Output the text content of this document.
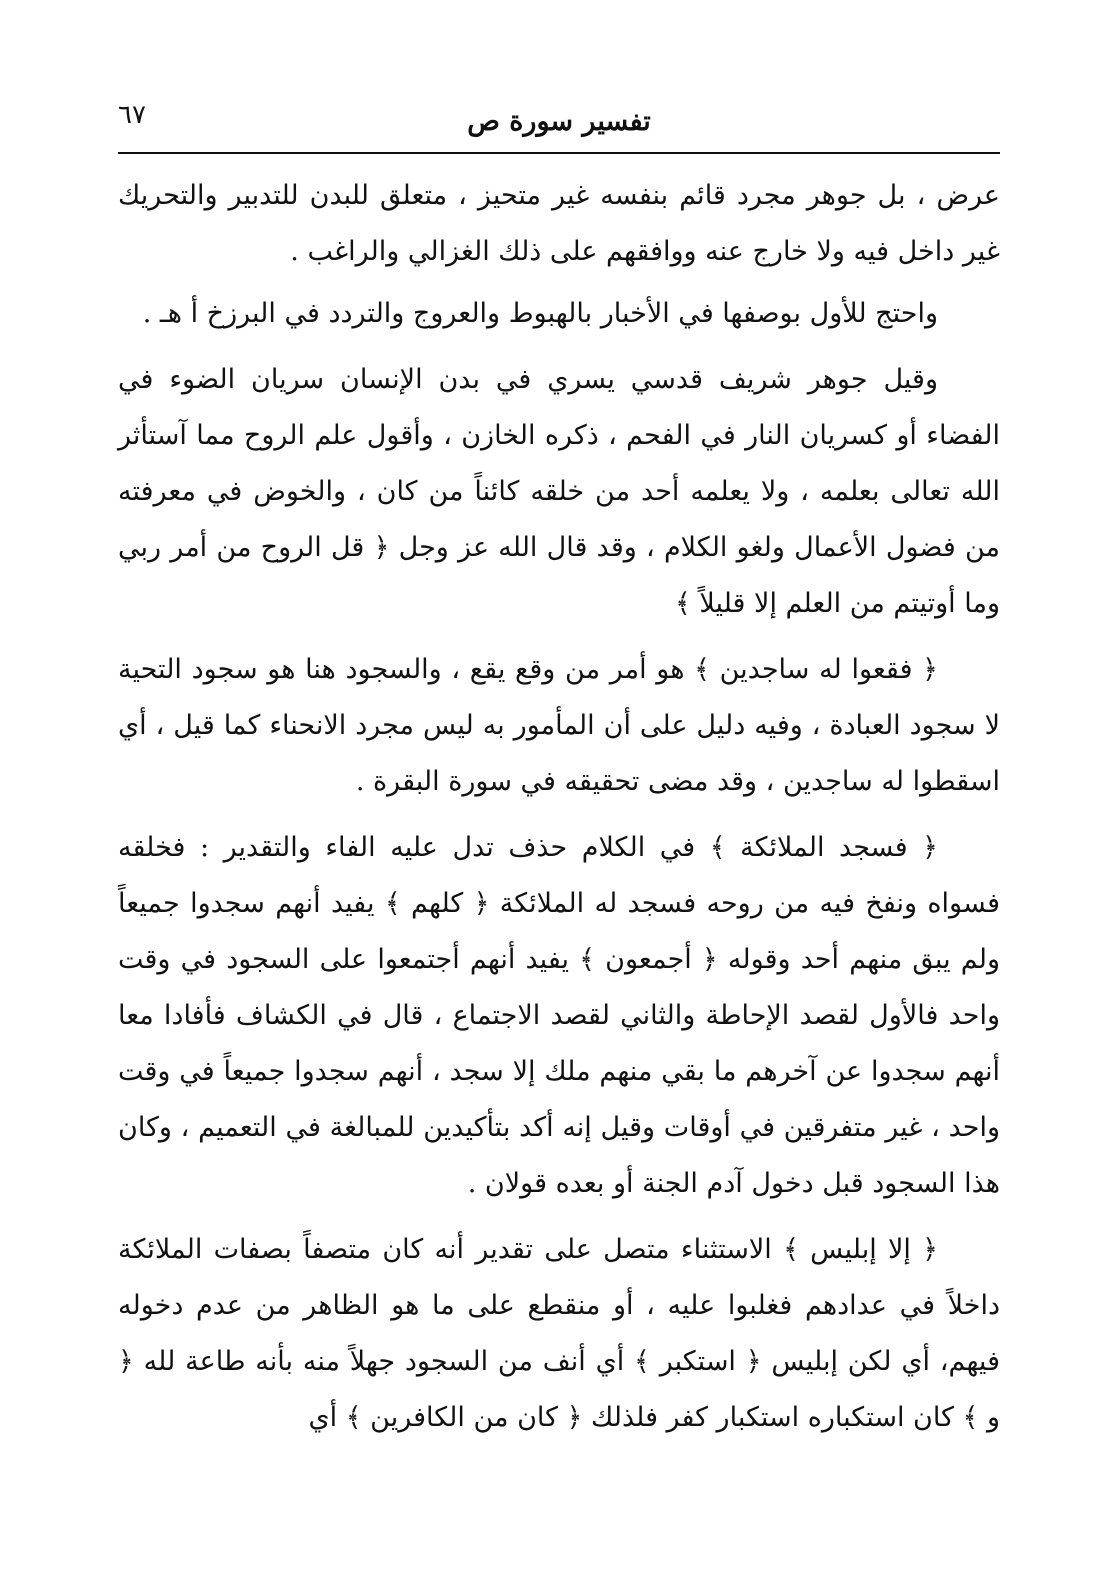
٦٧	تفسير سورة ص

عرض ، بل جوهر مجرد قائم بنفسه غير متحيز ، متعلق للبدن للتدبير والتحريك غير داخل فيه ولا خارج عنه ووافقهم على ذلك الغزالي والراغب .

واحتج للأول بوصفها في الأخبار بالهبوط والعروج والتردد في البرزخ أ هـ .

وقيل جوهر شريف قدسي يسري في بدن الإنسان سريان الضوء في الفضاء أو كسريان النار في الفحم ، ذكره الخازن ، وأقول علم الروح مما آستأثر الله تعالى بعلمه ، ولا يعلمه أحد من خلقه كائناً من كان ، والخوض في معرفته من فضول الأعمال ولغو الكلام ، وقد قال الله عز وجل ﴿ قل الروح من أمر ربي وما أوتيتم من العلم إلا قليلاً ﴾

﴿ فقعوا له ساجدين ﴾ هو أمر من وقع يقع ، والسجود هنا هو سجود التحية لا سجود العبادة ، وفيه دليل على أن المأمور به ليس مجرد الانحناء كما قيل ، أي اسقطوا له ساجدين ، وقد مضى تحقيقه في سورة البقرة .

﴿ فسجد الملائكة ﴾ في الكلام حذف تدل عليه الفاء والتقدير : فخلقه فسواه ونفخ فيه من روحه فسجد له الملائكة ﴿ كلهم ﴾ يفيد أنهم سجدوا جميعاً ولم يبق منهم أحد وقوله ﴿ أجمعون ﴾ يفيد أنهم أجتمعوا على السجود في وقت واحد فالأول لقصد الإحاطة والثاني لقصد الاجتماع ، قال في الكشاف فأفادا معا أنهم سجدوا عن آخرهم ما بقي منهم ملك إلا سجد ، أنهم سجدوا جميعاً في وقت واحد ، غير متفرقين في أوقات وقيل إنه أكد بتأكيدين للمبالغة في التعميم ، وكان هذا السجود قبل دخول آدم الجنة أو بعده قولان .

﴿ إلا إبليس ﴾ الاستثناء متصل على تقدير أنه كان متصفاً بصفات الملائكة داخلاً في عدادهم فغلبوا عليه ، أو منقطع على ما هو الظاهر من عدم دخوله فيهم، أي لكن إبليس ﴿ استكبر ﴾ أي أنف من السجود جهلاً منه بأنه طاعة لله ﴿ و ﴾ كان استكباره استكبار كفر فلذلك ﴿ كان من الكافرين ﴾ أي
